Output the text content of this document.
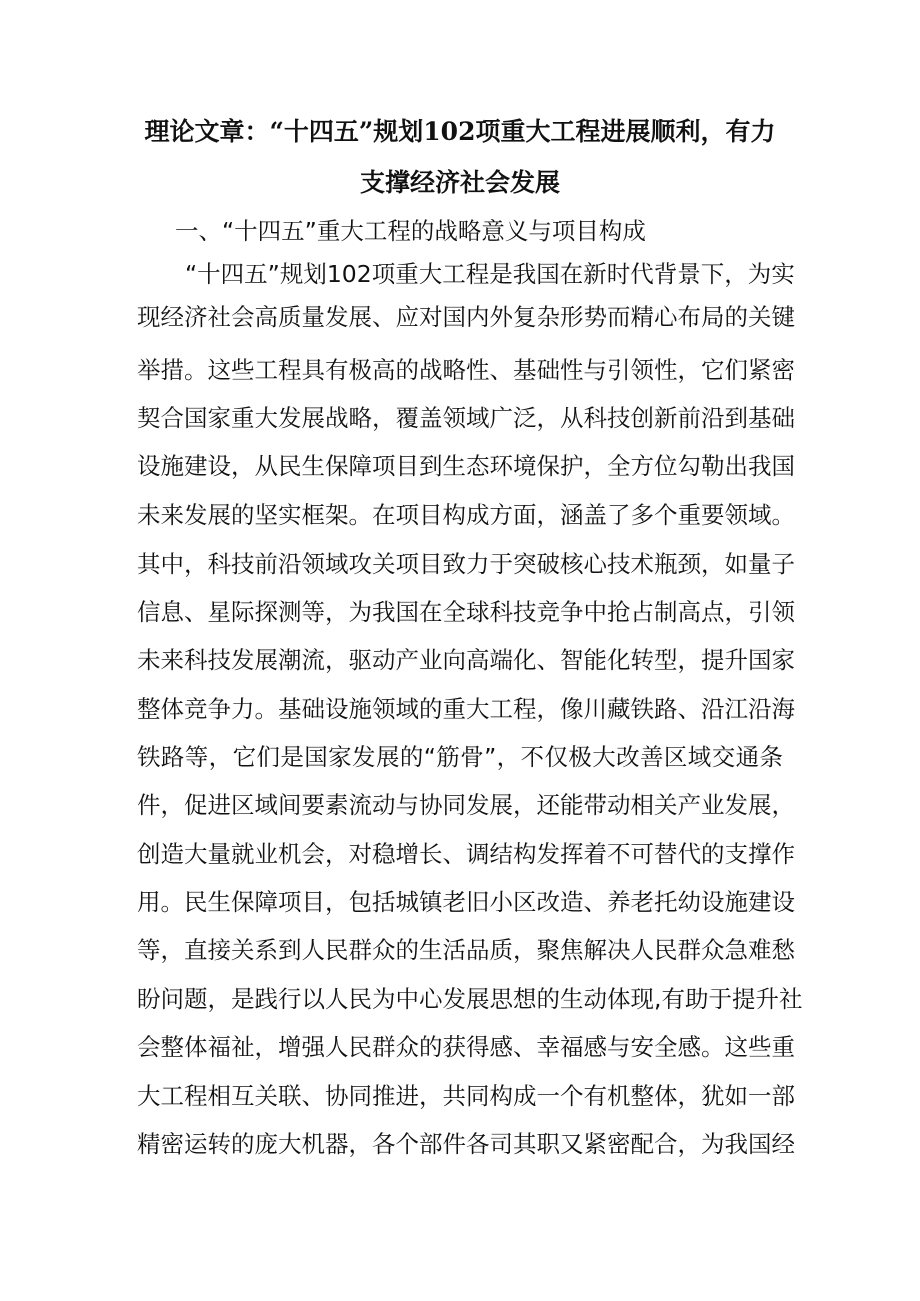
理论文章：“十四五”规划102项重大工程进展顺利，有力
支撑经济社会发展
一、“十四五”重大工程的战略意义与项目构成
“十四五”规划102项重大工程是我国在新时代背景下，为实
现经济社会高质量发展、应对国内外复杂形势而精心布局的关键
举措。这些工程具有极高的战略性、基础性与引领性，它们紧密
契合国家重大发展战略，覆盖领域广泛，从科技创新前沿到基础
设施建设，从民生保障项目到生态环境保护，全方位勾勒出我国
未来发展的坚实框架。在项目构成方面，涵盖了多个重要领域。
其中，科技前沿领域攻关项目致力于突破核心技术瓶颈，如量子
信息、星际探测等，为我国在全球科技竞争中抢占制高点，引领
未来科技发展潮流，驱动产业向高端化、智能化转型，提升国家
整体竞争力。基础设施领域的重大工程，像川藏铁路、沿江沿海
铁路等，它们是国家发展的“筋骨”，不仅极大改善区域交通条
件，促进区域间要素流动与协同发展，还能带动相关产业发展，
创造大量就业机会，对稳增长、调结构发挥着不可替代的支撑作
用。民生保障项目，包括城镇老旧小区改造、养老托幼设施建设
等，直接关系到人民群众的生活品质，聚焦解决人民群众急难愁
盼问题，是践行以人民为中心发展思想的生动体现,有助于提升社
会整体福祉，增强人民群众的获得感、幸福感与安全感。这些重
大工程相互关联、协同推进，共同构成一个有机整体，犹如一部
精密运转的庞大机器，各个部件各司其职又紧密配合，为我国经
